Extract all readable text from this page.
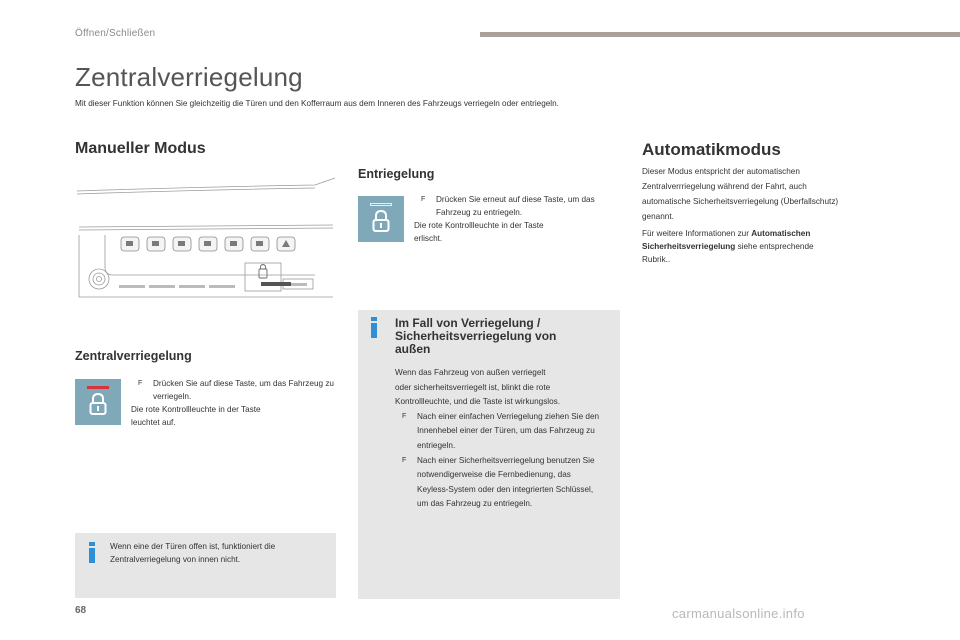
Öffnen/Schließen
Zentralverriegelung
Mit dieser Funktion können Sie gleichzeitig die Türen und den Kofferraum aus dem Inneren des Fahrzeugs verriegeln oder entriegeln.
Manueller Modus
Zentralverriegelung
F Drücken Sie auf diese Taste, um das Fahrzeug zu verriegeln.
Die rote Kontrollleuchte in der Taste
leuchtet auf.
Wenn eine der Türen offen ist, funktioniert die
Zentralverriegelung von innen nicht.
Entriegelung
F Drücken Sie erneut auf diese Taste, um das Fahrzeug zu entriegeln.
Die rote Kontrollleuchte in der Taste
erlischt.
Im Fall von Verriegelung /
Sicherheitsverriegelung von
außen
Wenn das Fahrzeug von außen verriegelt
oder sicherheitsverriegelt ist, blinkt die rote
Kontrollleuchte, und die Taste ist wirkungslos.
F Nach einer einfachen Verriegelung ziehen Sie den Innenhebel einer der Türen, um das Fahrzeug zu entriegeln.
F Nach einer Sicherheitsverriegelung benutzen Sie notwendigerweise die Fernbedienung, das Keyless-System oder den integrierten Schlüssel, um das Fahrzeug zu entriegeln.
Automatikmodus
Dieser Modus entspricht der automatischen
Zentralverrriegelung während der Fahrt, auch
automatische Sicherheitsverriegelung (Überfallschutz)
genannt.
Für weitere Informationen zur Automatischen
Sicherheitsverriegelung siehe entsprechende
Rubrik..
68	carmanualsonline.info
